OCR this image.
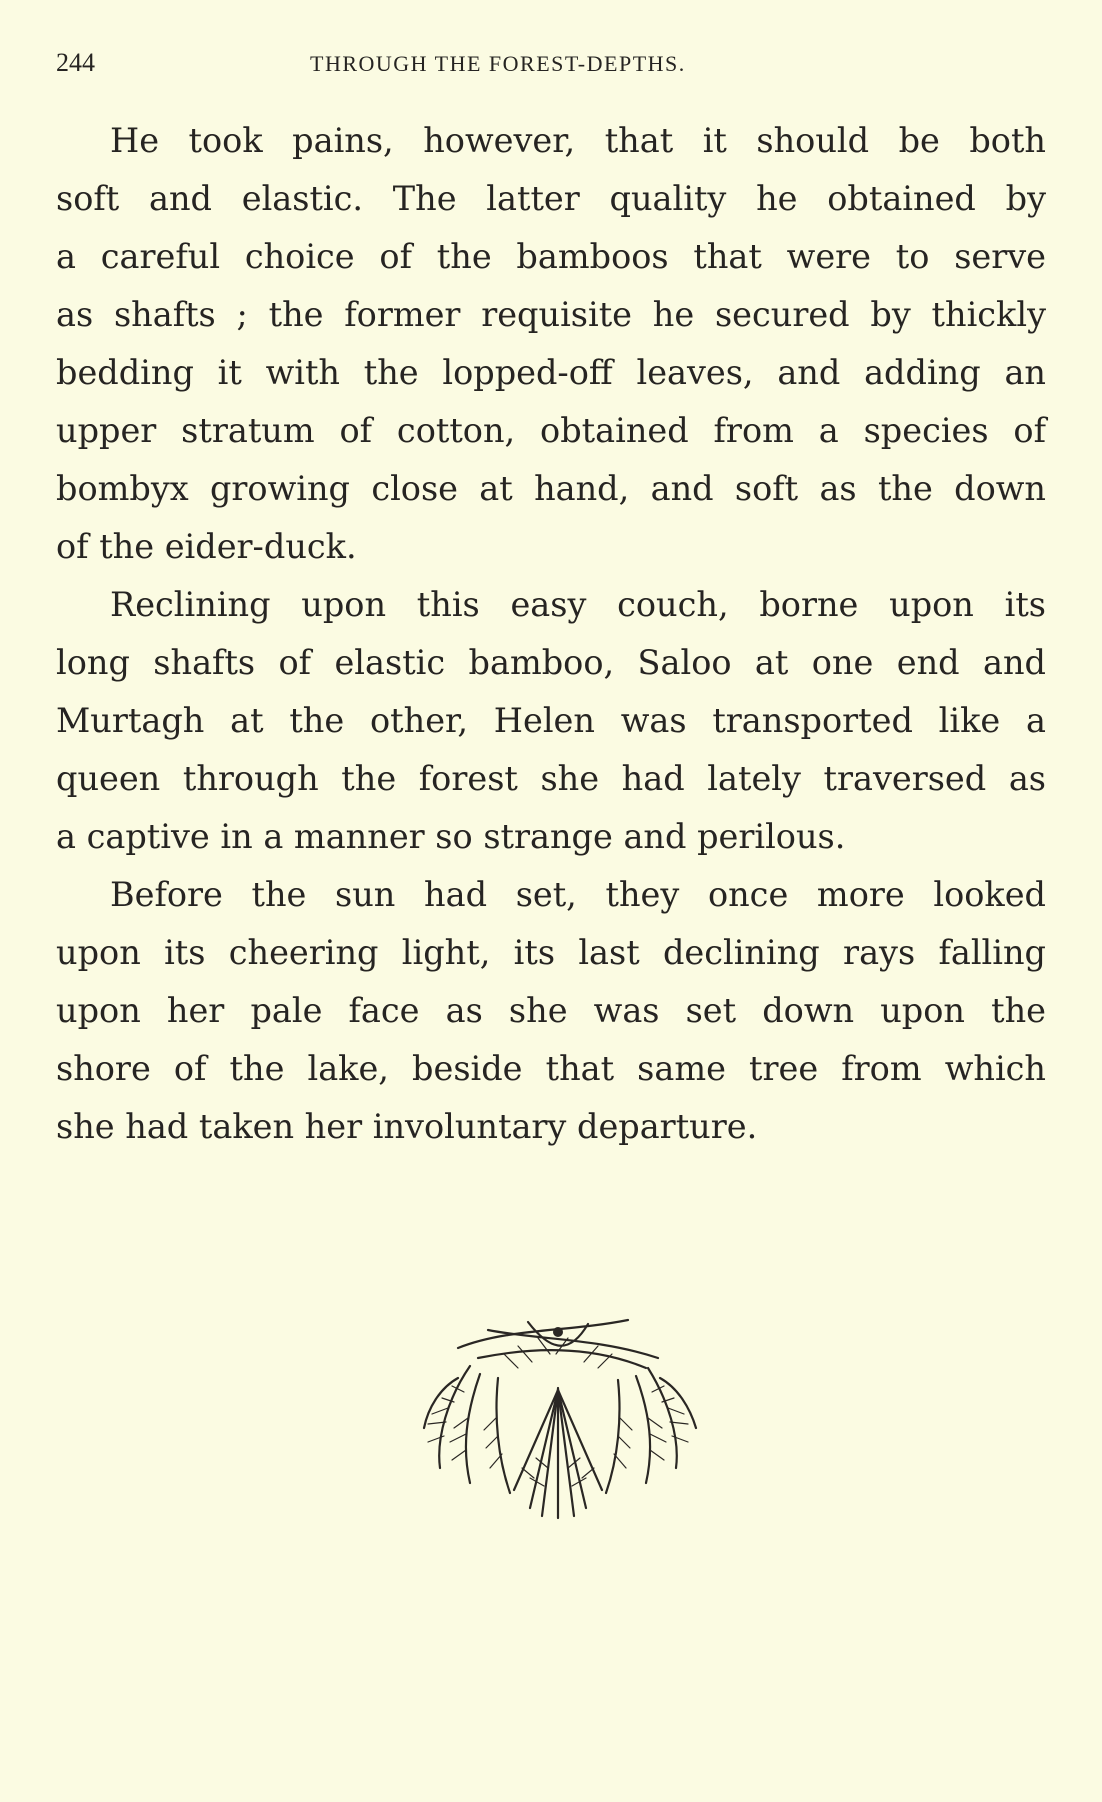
244	THROUGH THE FOREST-DEPTHS.

He took pains, however, that it should be both
soft and elastic. The latter quality he obtained by
a careful choice of the bamboos that were to serve
as shafts ; the former requisite he secured by thickly
bedding it with the lopped-off leaves, and adding an
upper stratum of cotton, obtained from a species of
bombyx growing close at hand, and soft as the down
of the eider-duck.

Reclining upon this easy couch, borne upon its
long shafts of elastic bamboo, Saloo at one end and
Murtagh at the other, Helen was transported like a
queen through the forest she had lately traversed as
a captive in a manner so strange and perilous.

Before the sun had set, they once more looked
upon its cheering light, its last declining rays falling
upon her pale face as she was set down upon the
shore of the lake, beside that same tree from which
she had taken her involuntary departure.
